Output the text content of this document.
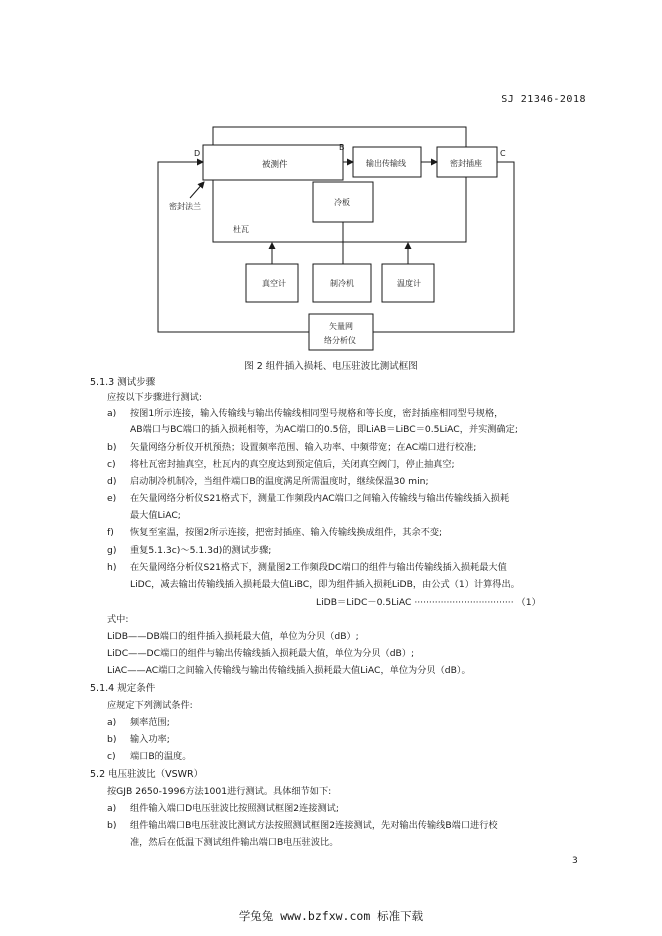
SJ 21346-2018
D
B
C
被测件	输出传输线	密封插座
冷板
密封法兰
杜瓦
真空计	制冷机	温度计
矢量网
络分析仪
图 2 组件插入损耗、电压驻波比测试框图
5.1.3 测试步骤
应按以下步骤进行测试:
a) 按图1所示连接，输入传输线与输出传输线相同型号规格和等长度，密封插座相同型号规格，
AB端口与BC端口的插入损耗相等，为AC端口的0.5倍，即LiAB＝LiBC＝0.5LiAC，并实测确定;
b) 矢量网络分析仪开机预热；设置频率范围、输入功率、中频带宽；在AC端口进行校准;
c) 将杜瓦密封抽真空，杜瓦内的真空度达到预定值后，关闭真空阀门，停止抽真空;
d) 启动制冷机制冷，当组件端口B的温度满足所需温度时，继续保温30 min;
e) 在矢量网络分析仪S21格式下，测量工作频段内AC端口之间输入传输线与输出传输线插入损耗
最大值LiAC;
f) 恢复至室温，按图2所示连接，把密封插座、输入传输线换成组件，其余不变;
g) 重复5.1.3c)～5.1.3d)的测试步骤;
h) 在矢量网络分析仪S21格式下，测量图2工作频段DC端口的组件与输出传输线插入损耗最大值
LiDC，减去输出传输线插入损耗最大值LiBC，即为组件插入损耗LiDB，由公式（1）计算得出。
LiDB＝LiDC－0.5LiAC ·································· （1）
式中:
LiDB——DB端口的组件插入损耗最大值，单位为分贝（dB）;
LiDC——DC端口的组件与输出传输线插入损耗最大值，单位为分贝（dB）;
LiAC——AC端口之间输入传输线与输出传输线插入损耗最大值LiAC，单位为分贝（dB）。
5.1.4 规定条件
应规定下列测试条件:
a) 频率范围;
b) 输入功率;
c) 端口B的温度。
5.2 电压驻波比（VSWR）
按GJB 2650-1996方法1001进行测试。具体细节如下:
a) 组件输入端口D电压驻波比按照测试框图2连接测试;
b) 组件输出端口B电压驻波比测试方法按照测试框图2连接测试，先对输出传输线B端口进行校
准，然后在低温下测试组件输出端口B电压驻波比。
3
学兔兔 www.bzfxw.com 标准下载
